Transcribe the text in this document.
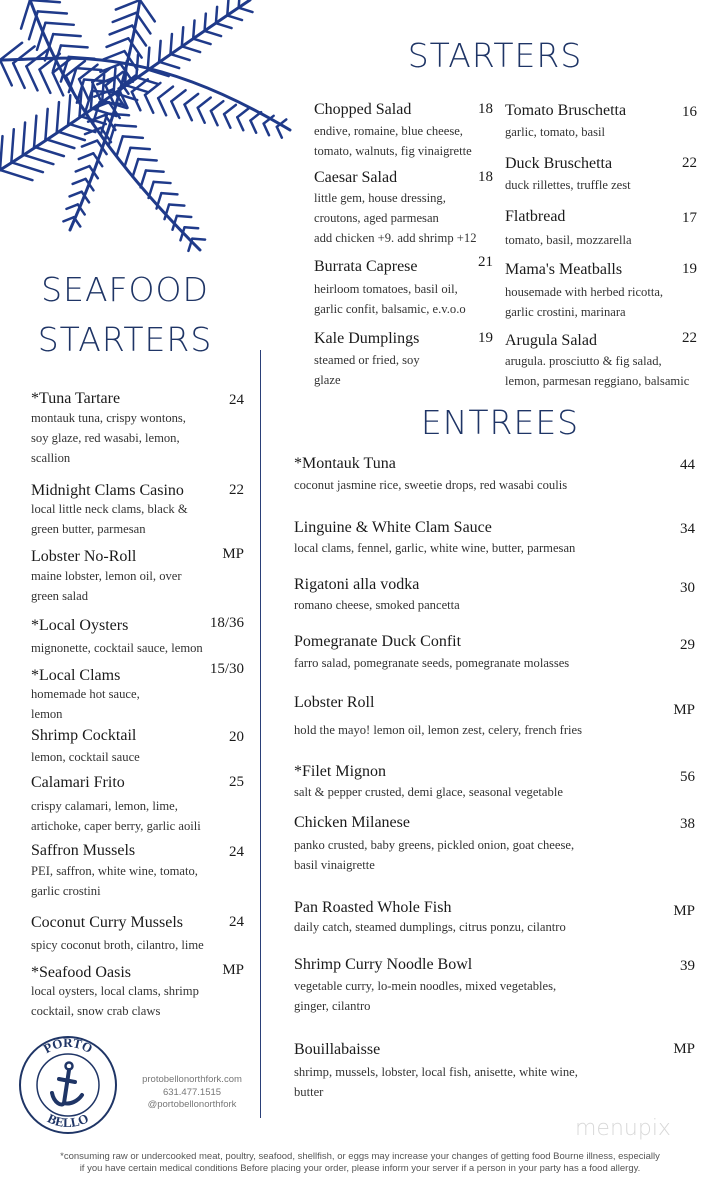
STARTERS
SEAFOOD
STARTERS
ENTREES
Chopped Salad	18
endive, romaine, blue cheese,
tomato, walnuts, fig vinaigrette
Caesar Salad	18
little gem, house dressing,
croutons, aged parmesan
add chicken +9. add shrimp +12
Burrata Caprese	21
heirloom tomatoes, basil oil,
garlic confit, balsamic, e.v.o.o
Kale Dumplings	19
steamed or fried, soy
glaze
Tomato Bruschetta	16
garlic, tomato, basil
Duck Bruschetta	22
duck rillettes, truffle zest
Flatbread	17
tomato, basil, mozzarella
Mama's Meatballs	19
housemade with herbed ricotta,
garlic crostini, marinara
Arugula Salad	22
arugula. prosciutto & fig salad,
lemon, parmesan reggiano, balsamic
*Tuna Tartare	24
montauk tuna, crispy wontons,
soy glaze, red wasabi, lemon,
scallion
Midnight Clams Casino	22
local little neck clams, black &
green butter, parmesan
Lobster No-Roll	MP
maine lobster, lemon oil, over
green salad
*Local Oysters	18/36
mignonette, cocktail sauce, lemon
*Local Clams	15/30
homemade hot sauce,
lemon
Shrimp Cocktail	20
lemon, cocktail sauce
Calamari Frito	25
crispy calamari, lemon, lime,
artichoke, caper berry, garlic aoili
Saffron Mussels	24
PEI, saffron, white wine, tomato,
garlic crostini
Coconut Curry Mussels	24
spicy coconut broth, cilantro, lime
*Seafood Oasis	MP
local oysters, local clams, shrimp
cocktail, snow crab claws
*Montauk Tuna	44
coconut jasmine rice, sweetie drops, red wasabi coulis
Linguine & White Clam Sauce	34
local clams, fennel, garlic, white wine, butter, parmesan
Rigatoni alla vodka	30
romano cheese, smoked pancetta
Pomegranate Duck Confit	29
farro salad, pomegranate seeds, pomegranate molasses
Lobster Roll	MP
hold the mayo! lemon oil, lemon zest, celery, french fries
*Filet Mignon	56
salt & pepper crusted, demi glace, seasonal vegetable
Chicken Milanese	38
panko crusted, baby greens, pickled onion, goat cheese,
basil vinaigrette
Pan Roasted Whole Fish	MP
daily catch, steamed dumplings, citrus ponzu, cilantro
Shrimp Curry Noodle Bowl	39
vegetable curry, lo-mein noodles, mixed vegetables,
ginger, cilantro
Bouillabaisse	MP
shrimp, mussels, lobster, local fish, anisette, white wine,
butter
PORTO
BELLO
protobellonorthfork.com
631.477.1515
@portobellonorthfork
*consuming raw or undercooked meat, poultry, seafood, shellfish, or eggs may increase your changes of getting food Bourne illness, especially
if you have certain medical conditions Before placing your order, please inform your server if a person in your party has a food allergy.
menupix
